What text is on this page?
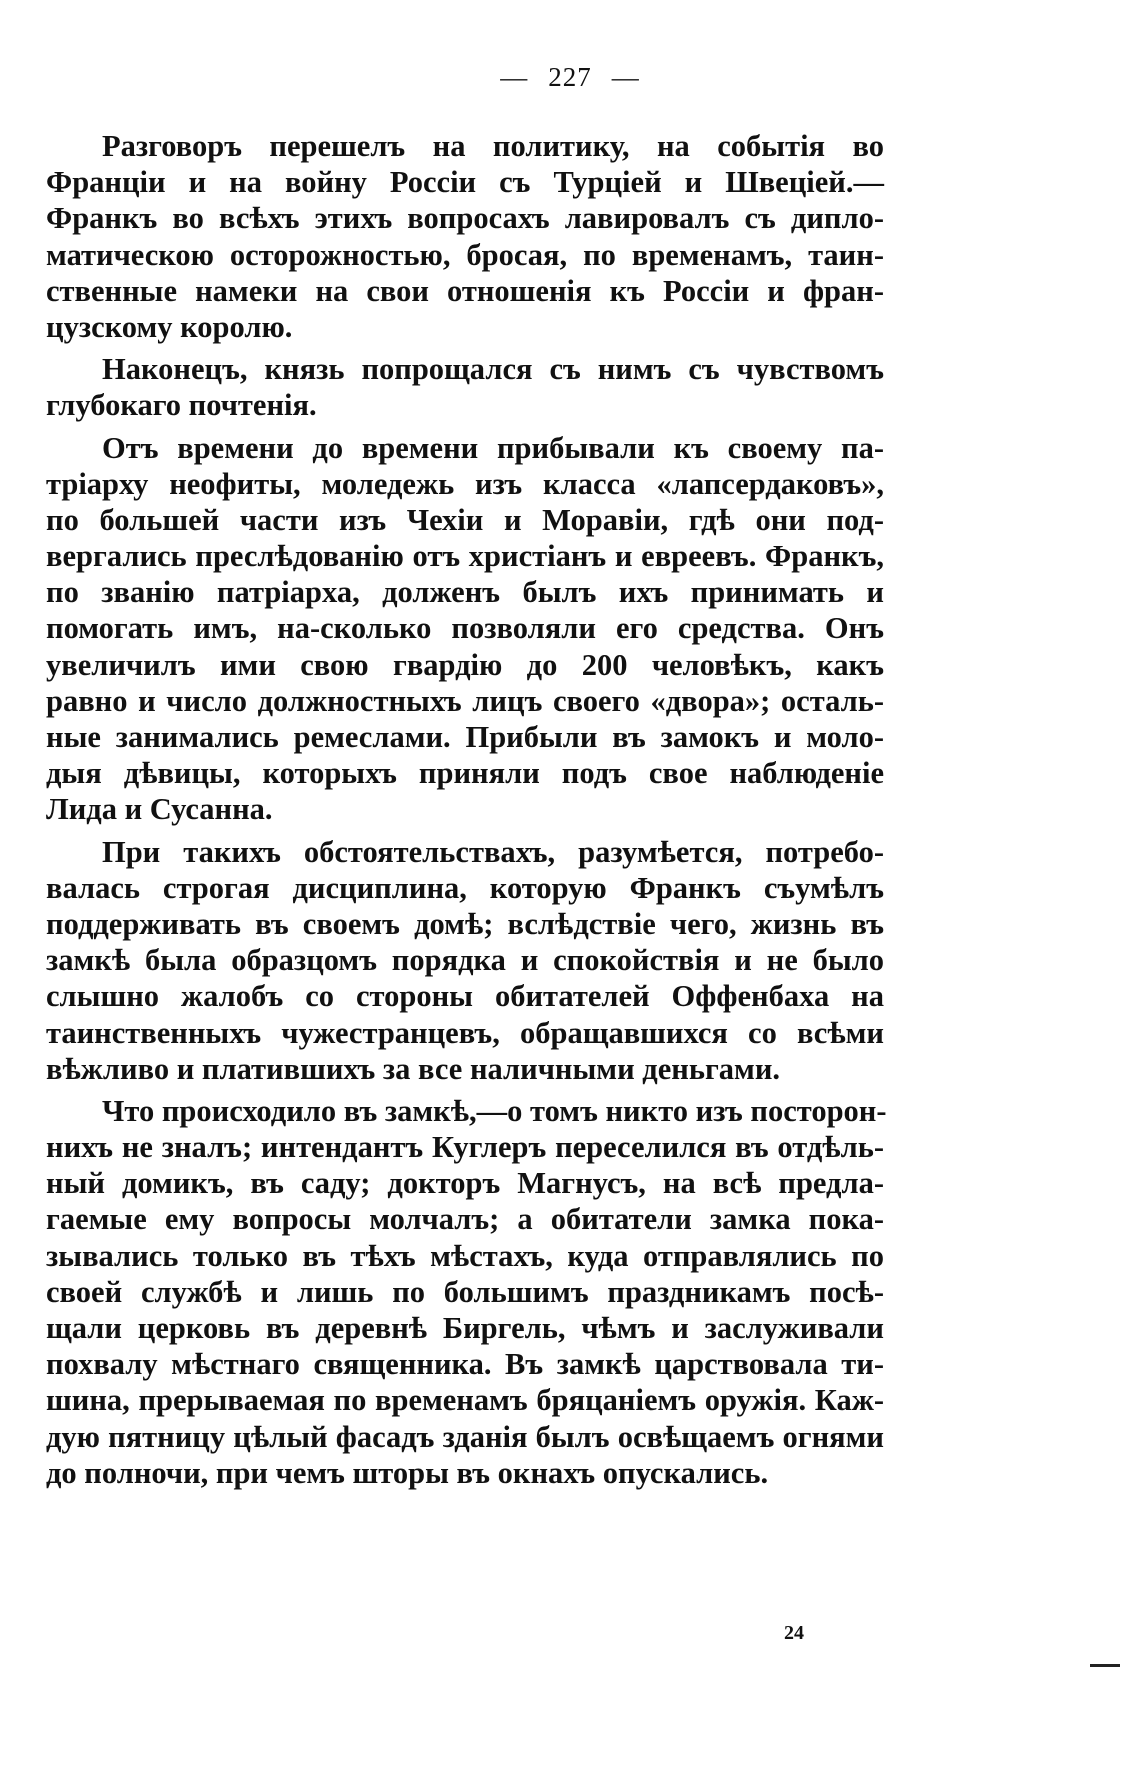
— 227 —
Разговоръ перешелъ на политику, на событія во
Франціи и на войну Россіи съ Турціей и Швеціей.—
Франкъ во всѣхъ этихъ вопросахъ лавировалъ съ дипло-
матическою осторожностью, бросая, по временамъ, таин-
ственные намеки на свои отношенія къ Россіи и фран-
цузскому королю.
Наконецъ, князь попрощался съ нимъ съ чувствомъ
глубокаго почтенія.
Отъ времени до времени прибывали къ своему па-
тріарху неофиты, моледежь изъ класса «лапсердаковъ»,
по большей части изъ Чехіи и Моравіи, гдѣ они под-
вергались преслѣдованію отъ христіанъ и евреевъ. Франкъ,
по званію патріарха, долженъ былъ ихъ принимать и
помогать имъ, на-сколько позволяли его средства. Онъ
увеличилъ ими свою гвардію до 200 человѣкъ, какъ
равно и число должностныхъ лицъ своего «двора»; осталь-
ные занимались ремеслами. Прибыли въ замокъ и моло-
дыя дѣвицы, которыхъ приняли подъ свое наблюденіе
Лида и Сусанна.
При такихъ обстоятельствахъ, разумѣется, потребо-
валась строгая дисциплина, которую Франкъ съумѣлъ
поддерживать въ своемъ домѣ; вслѣдствіе чего, жизнь въ
замкѣ была образцомъ порядка и спокойствія и не было
слышно жалобъ со стороны обитателей Оффенбаха на
таинственныхъ чужестранцевъ, обращавшихся со всѣми
вѣжливо и платившихъ за все наличными деньгами.
Что происходило въ замкѣ,—о томъ никто изъ посторон-
нихъ не зналъ; интендантъ Куглеръ переселился въ отдѣль-
ный домикъ, въ саду; докторъ Магнусъ, на всѣ предла-
гаемые ему вопросы молчалъ; а обитатели замка пока-
зывались только въ тѣхъ мѣстахъ, куда отправлялись по
своей службѣ и лишь по большимъ праздникамъ посѣ-
щали церковь въ деревнѣ Биргель, чѣмъ и заслуживали
похвалу мѣстнаго священника. Въ замкѣ царствовала ти-
шина, прерываемая по временамъ бряцаніемъ оружія. Каж-
дую пятницу цѣлый фасадъ зданія былъ освѣщаемъ огнями
до полночи, при чемъ шторы въ окнахъ опускались.
24
